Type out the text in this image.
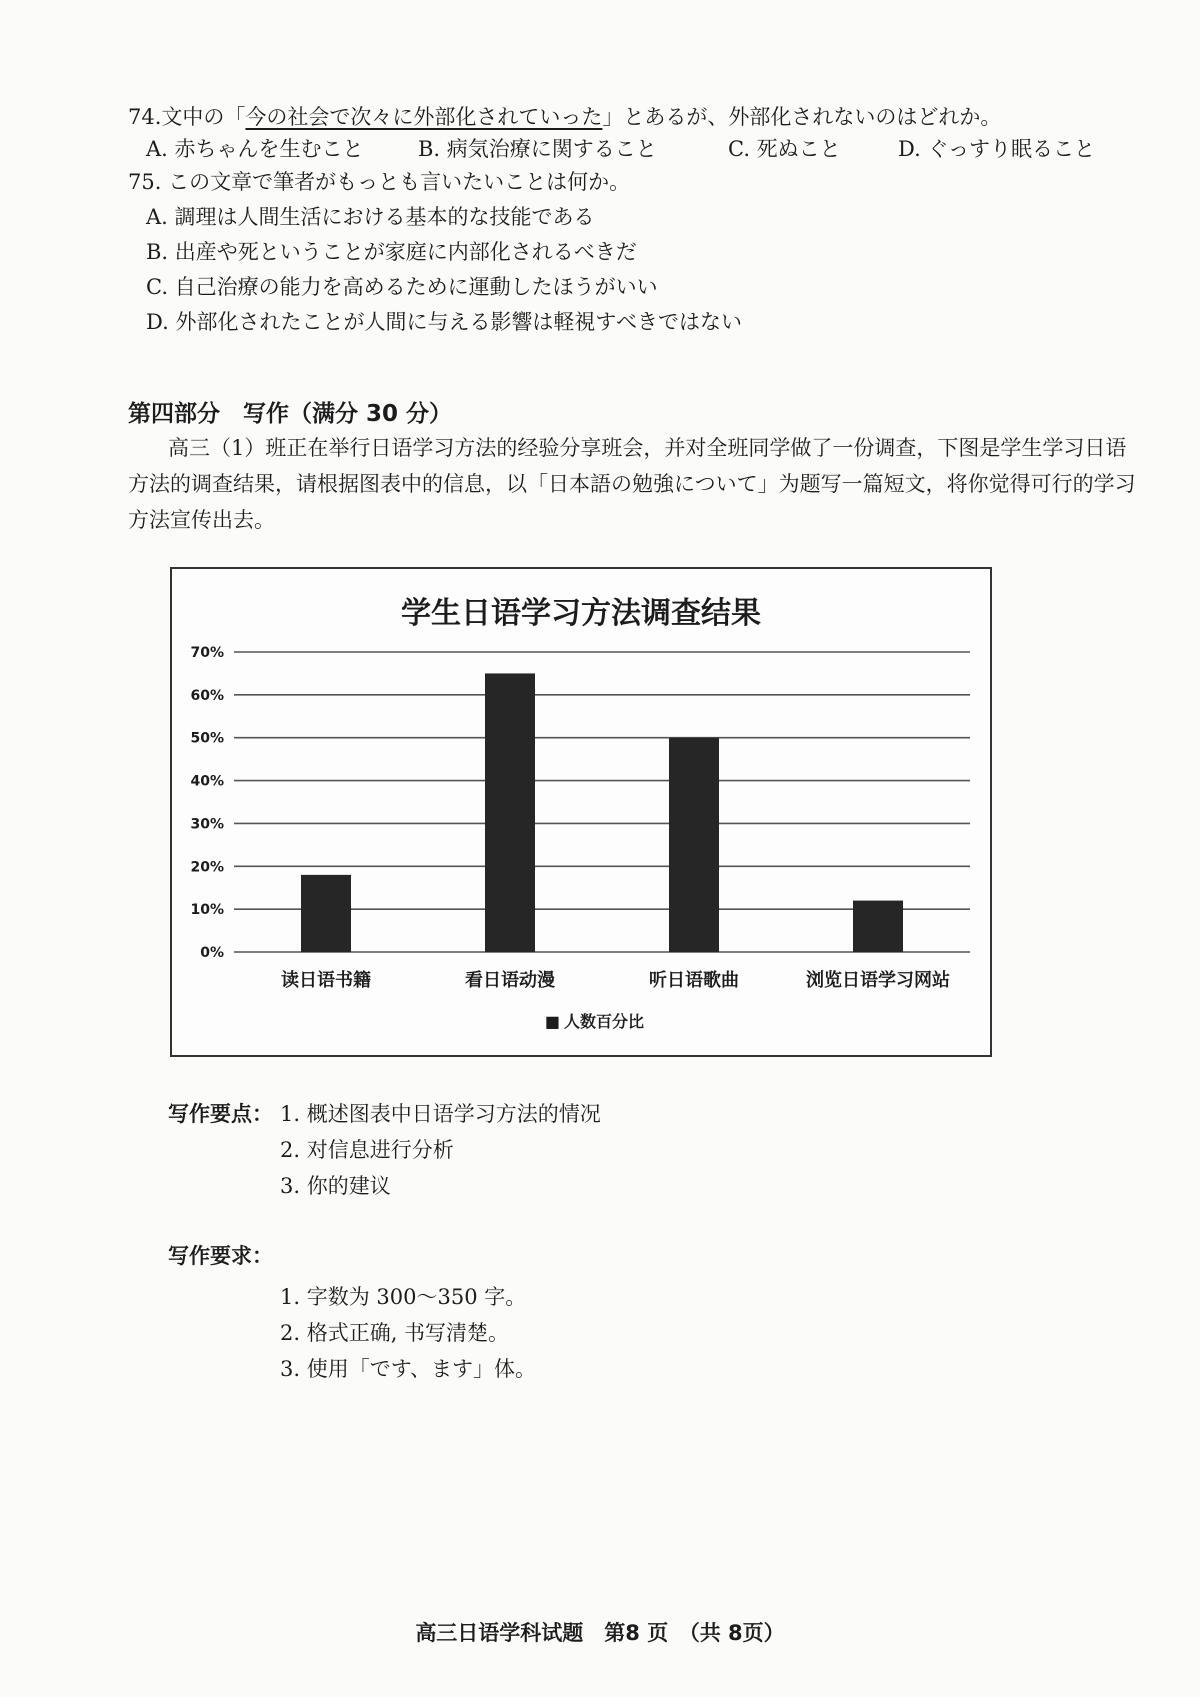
74.文中の「今の社会で次々に外部化されていった」とあるが、外部化されないのはどれか。
A. 赤ちゃんを生むこと	B. 病気治療に関すること	C. 死ぬこと	D. ぐっすり眠ること
75. この文章で筆者がもっとも言いたいことは何か。
A. 調理は人間生活における基本的な技能である
B. 出産や死ということが家庭に内部化されるべきだ
C. 自己治療の能力を高めるために運動したほうがいい
D. 外部化されたことが人間に与える影響は軽視すべきではない
第四部分　写作（满分 30 分）
高三（1）班正在举行日语学习方法的经验分享班会，并对全班同学做了一份调查，下图是学生学习日语方法的调查结果，请根据图表中的信息，以「日本語の勉強について」为题写一篇短文，将你觉得可行的学习方法宣传出去。
学生日语学习方法调查结果
0%
10%
20%
30%
40%
50%
60%
70%
读日语书籍	看日语动漫	听日语歌曲	浏览日语学习网站
■ 人数百分比
写作要点： 1. 概述图表中日语学习方法的情况
2. 对信息进行分析
3. 你的建议
写作要求：
1. 字数为 300～350 字。
2. 格式正确, 书写清楚。
3. 使用「です、ます」体。
高三日语学科试题　第8 页　（共 8页）
